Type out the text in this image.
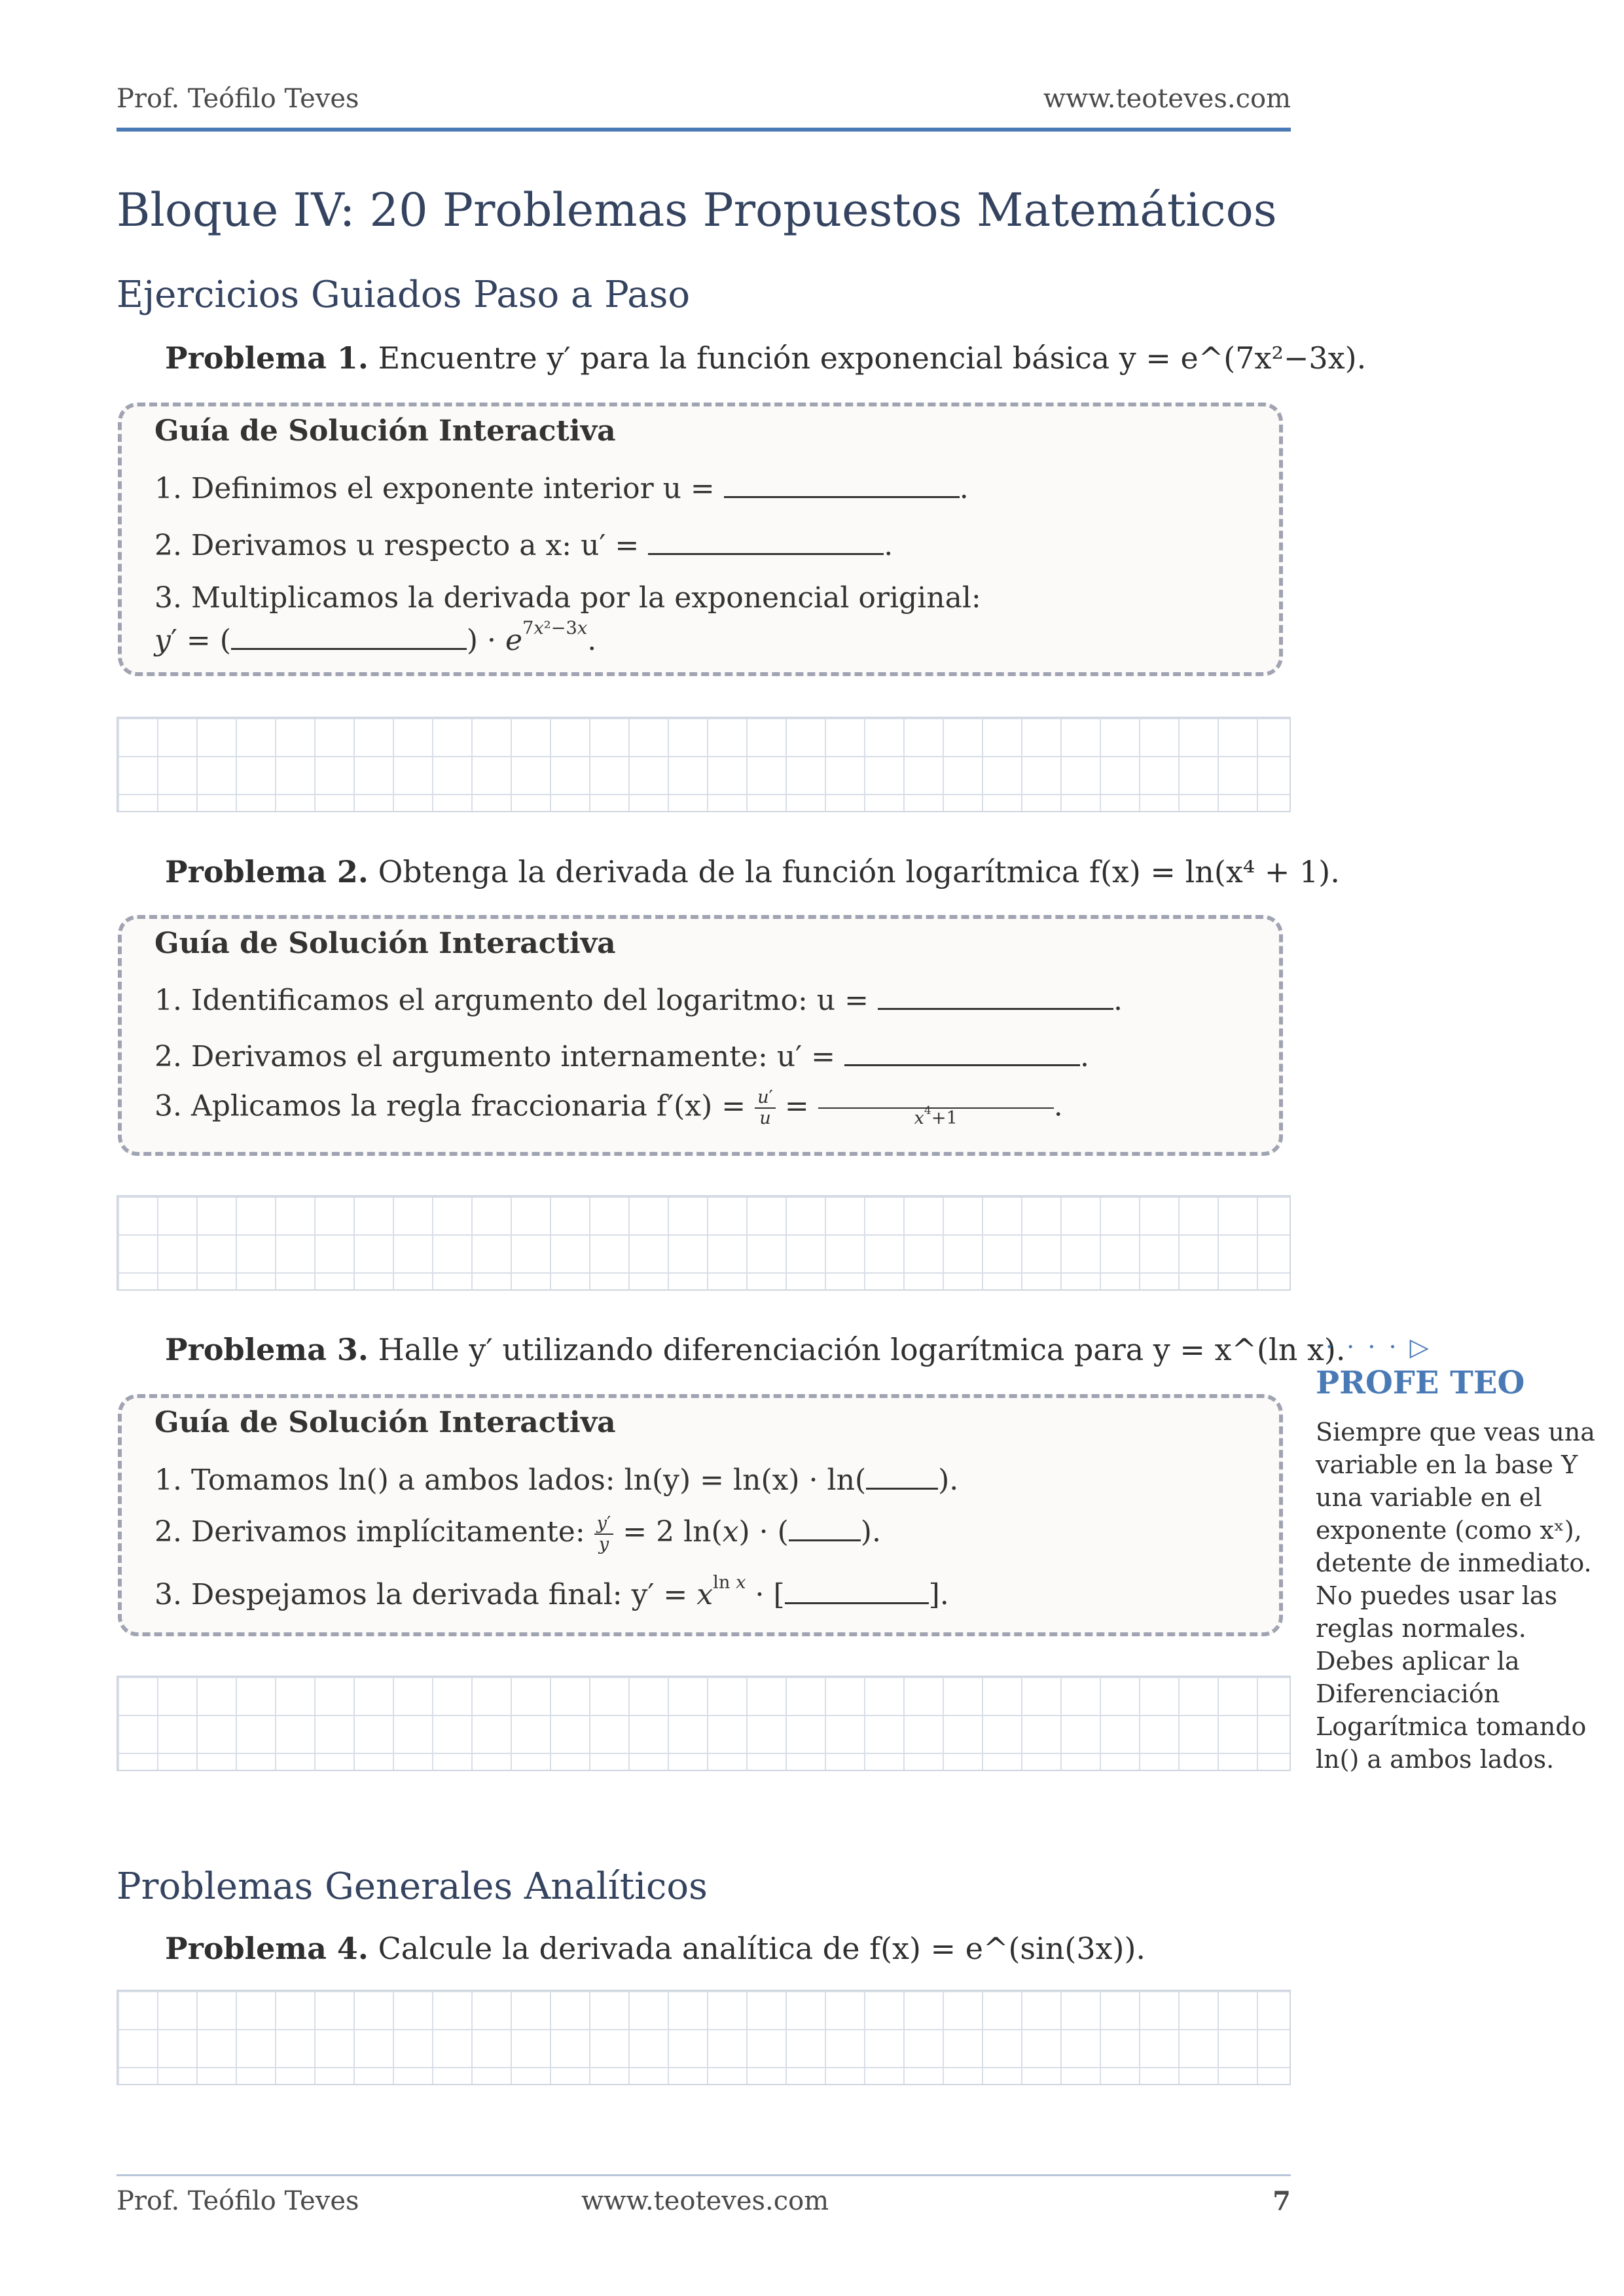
Prof. Teófilo Teves	www.teoteves.com
Bloque IV: 20 Problemas Propuestos Matemáticos
Ejercicios Guiados Paso a Paso
Problema 1. Encuentre y′ para la función exponencial básica y = e^(7x²−3x).
Guía de Solución Interactiva
1. Definimos el exponente interior u =	.
2. Derivamos u respecto a x: u′ =	.
3. Multiplicamos la derivada por la exponencial original:
y′ = (	) · $e^{7x^2-3x}$.
Problema 2. Obtenga la derivada de la función logarítmica f(x) = ln(x⁴ + 1).
Guía de Solución Interactiva
1. Identificamos el argumento del logaritmo: u =	.
2. Derivamos el argumento internamente: u′ =	.
3. Aplicamos la regla fraccionaria $f'(x) = \frac{u'}{u}$ =
	$x^4+1$	.
Problema 3. Halle y′ utilizando diferenciación logarítmica para y = x^(ln x).
Guía de Solución Interactiva
1. Tomamos ln() a ambos lados: ln(y) = ln(x) · ln(	).
2. Derivamos implícitamente: $\frac{y'}{y} = 2$ ln(x) · (	).
3. Despejamos la derivada final: $y' = x^{ln x}$ · [	].
· · · · ▷
PROFE TEO
Siempre que veas una variable en la base Y una variable en el exponente (como xˣ), detente de inmediato. No puedes usar las reglas normales. Debes aplicar la Diferenciación Logarítmica tomando ln() a ambos lados.
Problemas Generales Analíticos
Problema 4. Calcule la derivada analítica de f(x) = e^(sin(3x)).
Prof. Teófilo Teves	www.teoteves.com	7
